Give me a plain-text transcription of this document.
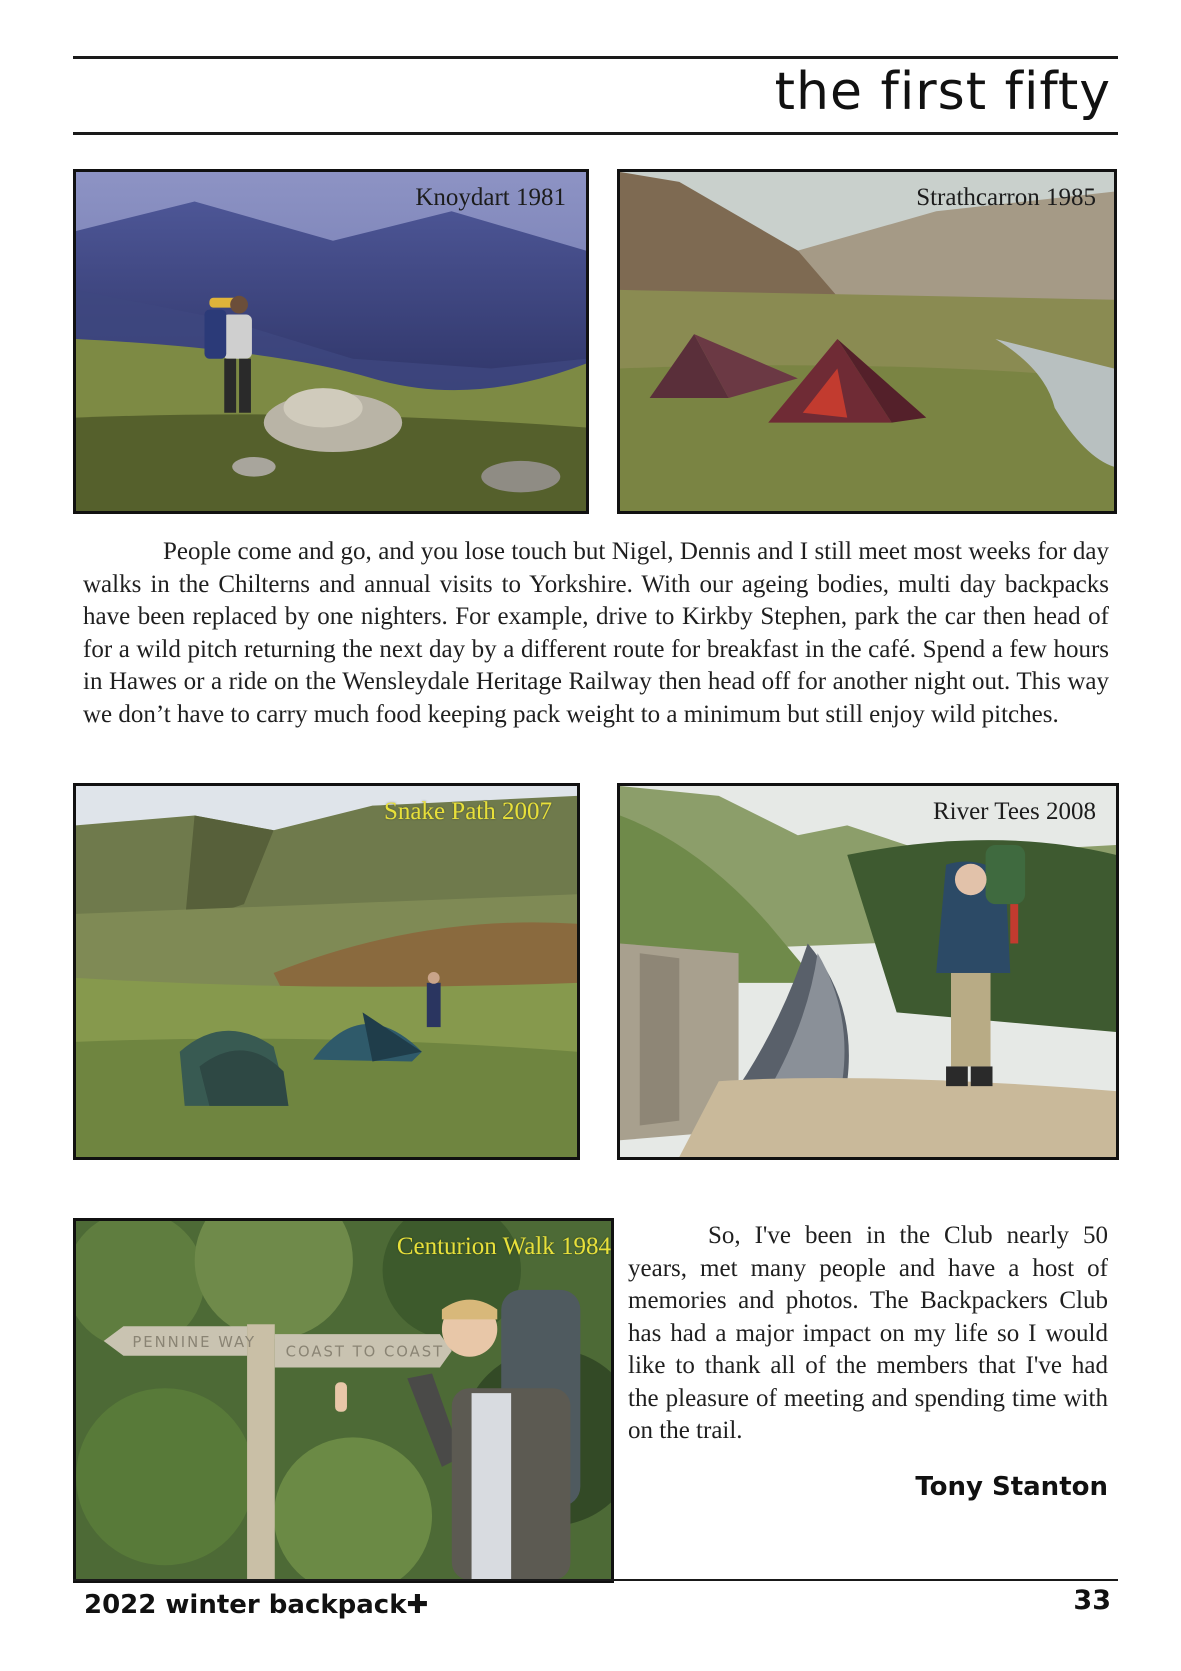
the first fifty
Knoydart 1981	Strathcarron 1985

People come and go, and you lose touch but Nigel, Dennis and I still meet most weeks for day walks in the Chilterns and annual visits to Yorkshire. With our ageing bodies, multi day backpacks have been replaced by one nighters. For example, drive to Kirkby Stephen, park the car then head of for a wild pitch returning the next day by a different route for breakfast in the café. Spend a few hours in Hawes or a ride on the Wensleydale Heritage Railway then head off for another night out. This way we don’t have to carry much food keeping pack weight to a minimum but still enjoy wild pitches.

Snake Path 2007	River Tees 2008
PENNINE WAY
COAST TO COAST
Centurion Walk 1984	So, I've been in the Club nearly 50 years, met many people and have a host of memories and photos. The Backpackers Club has had a major impact on my life so I would like to thank all of the members that I've had the pleasure of meeting and spending time with on the trail.

Tony Stanton
2022 winter backpack✚	33
